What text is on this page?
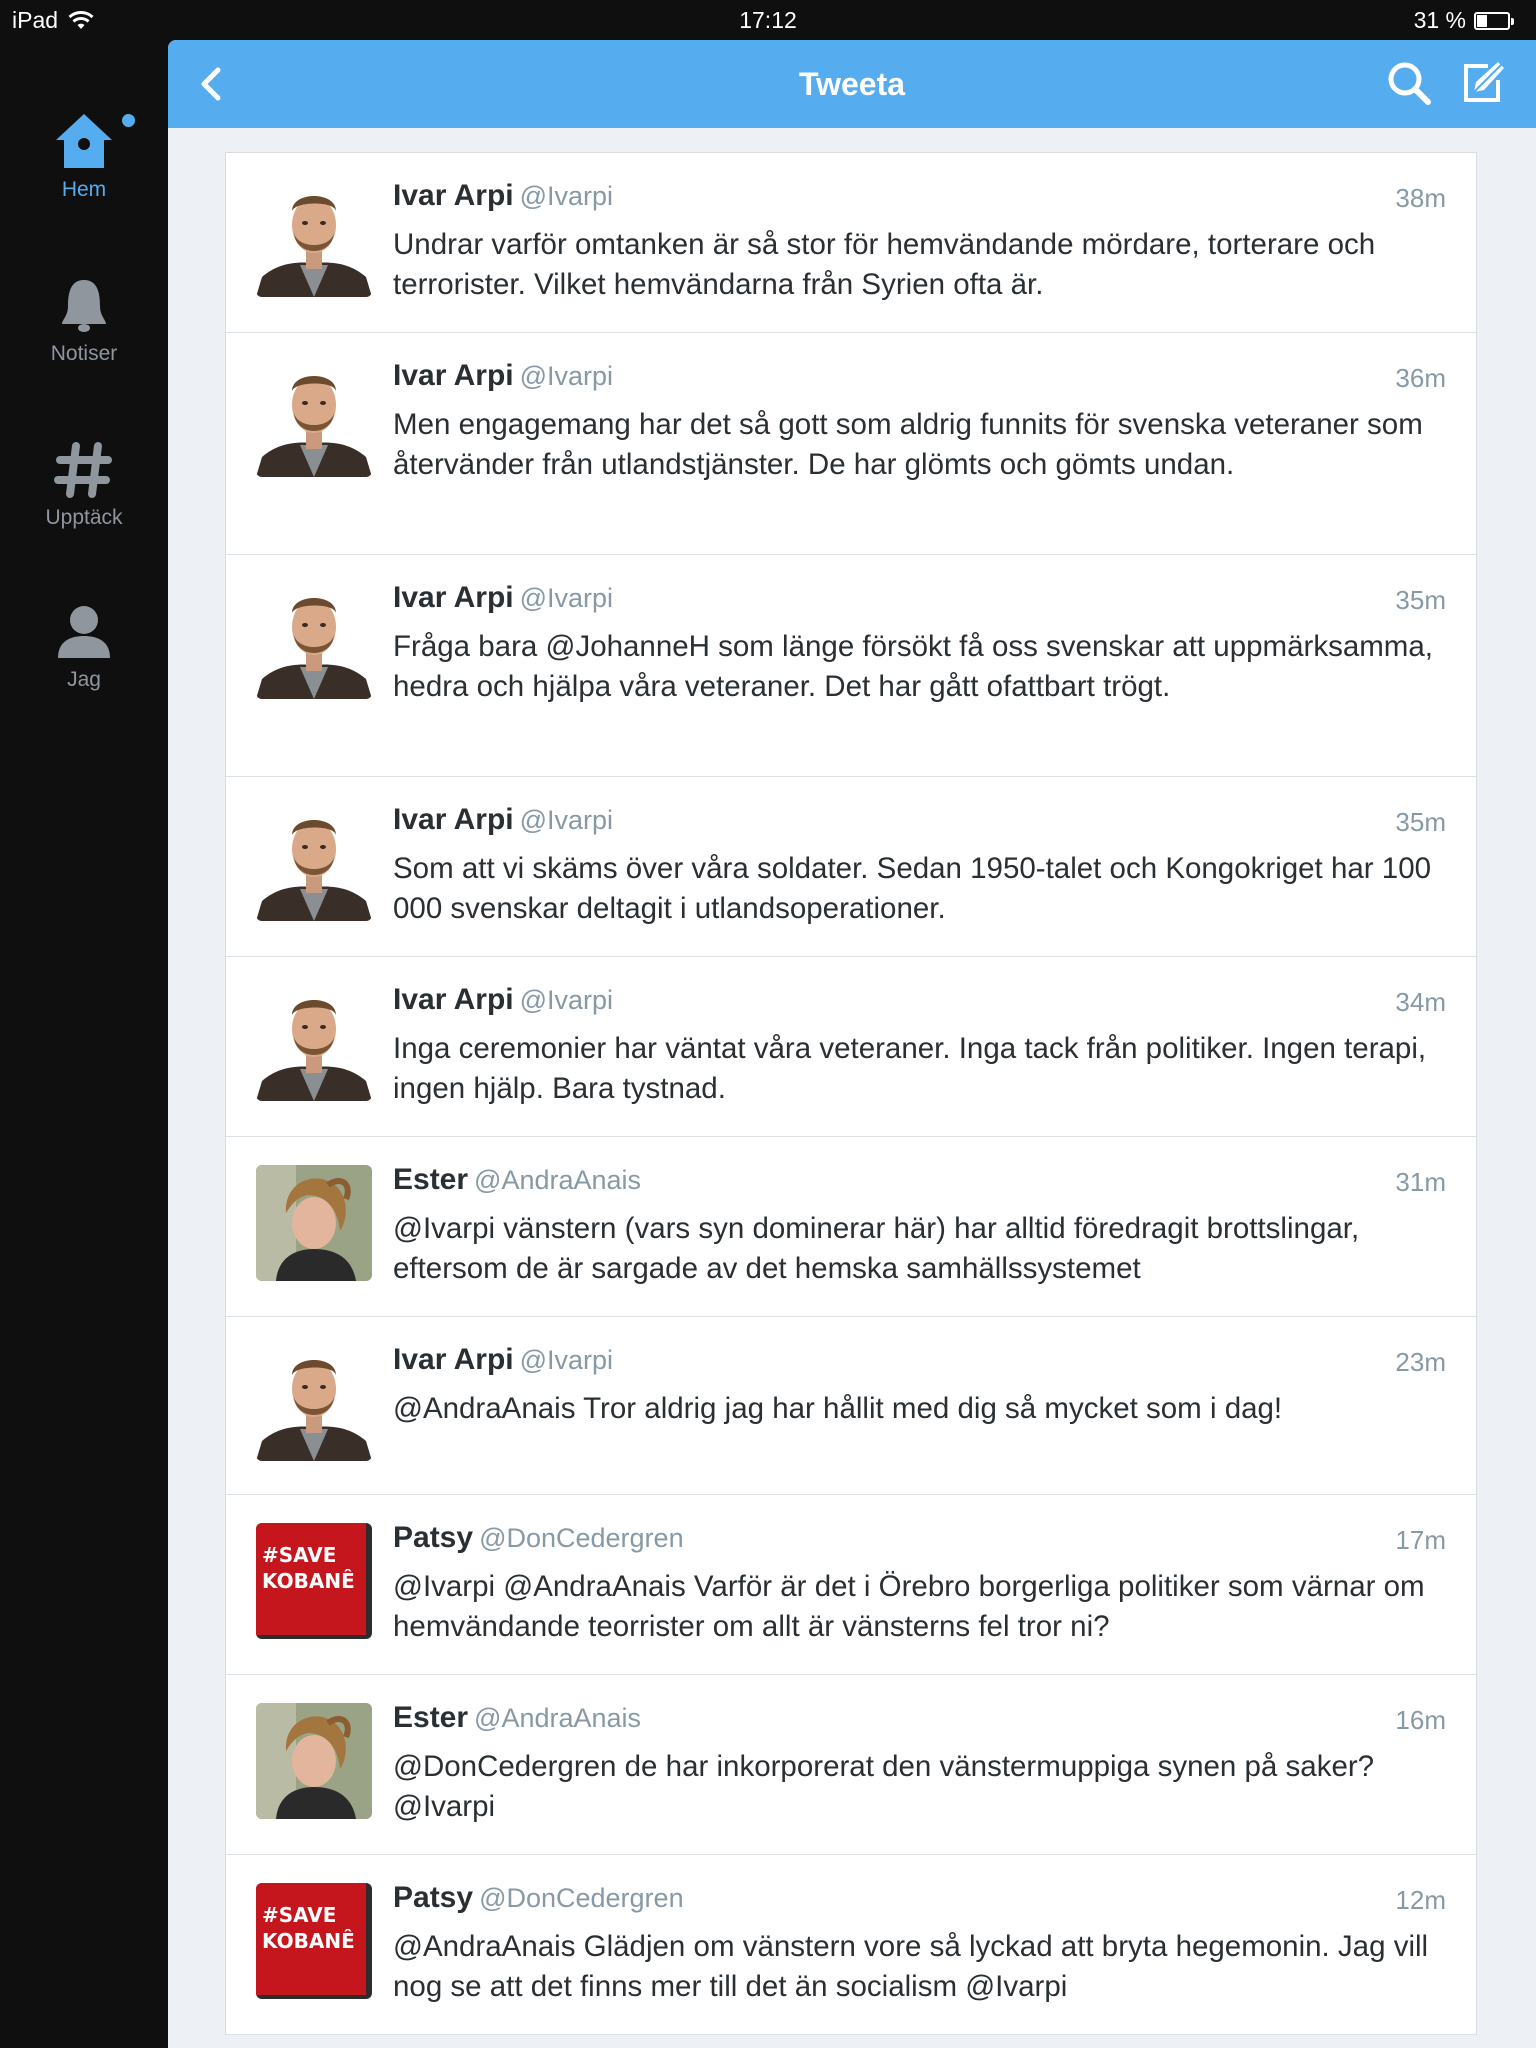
iPad	17:12	31 %
Hem
Notiser
Upptäck
Jag
Tweeta
Ivar Arpi @Ivarpi	38m
Undrar varför omtanken är så stor för hemvändande mördare, torterare och terrorister. Vilket hemvändarna från Syrien ofta är.
Ivar Arpi @Ivarpi	36m
Men engagemang har det så gott som aldrig funnits för svenska veteraner som återvänder från utlandstjänster. De har glömts och gömts undan.
Ivar Arpi @Ivarpi	35m
Fråga bara @JohanneH som länge försökt få oss svenskar att uppmärksamma, hedra och hjälpa våra veteraner. Det har gått ofattbart trögt.
Ivar Arpi @Ivarpi	35m
Som att vi skäms över våra soldater. Sedan 1950-talet och Kongokriget har 100 000 svenskar deltagit i utlandsoperationer.
Ivar Arpi @Ivarpi	34m
Inga ceremonier har väntat våra veteraner. Inga tack från politiker. Ingen terapi, ingen hjälp. Bara tystnad.
Ester @AndraAnais	31m
@Ivarpi vänstern (vars syn dominerar här) har alltid föredragit brottslingar, eftersom de är sargade av det hemska samhällssystemet
Ivar Arpi @Ivarpi	23m
@AndraAnais Tror aldrig jag har hållit med dig så mycket som i dag!
#SAVE
KOBANÊ
Patsy @DonCedergren	17m
@Ivarpi @AndraAnais Varför är det i Örebro borgerliga politiker som värnar om hemvändande teorrister om allt är vänsterns fel tror ni?
Ester @AndraAnais	16m
@DonCedergren de har inkorporerat den vänstermuppiga synen på saker? @Ivarpi
#SAVE
KOBANÊ
Patsy @DonCedergren	12m
@AndraAnais Glädjen om vänstern vore så lyckad att bryta hegemonin. Jag vill nog se att det finns mer till det än socialism @Ivarpi
